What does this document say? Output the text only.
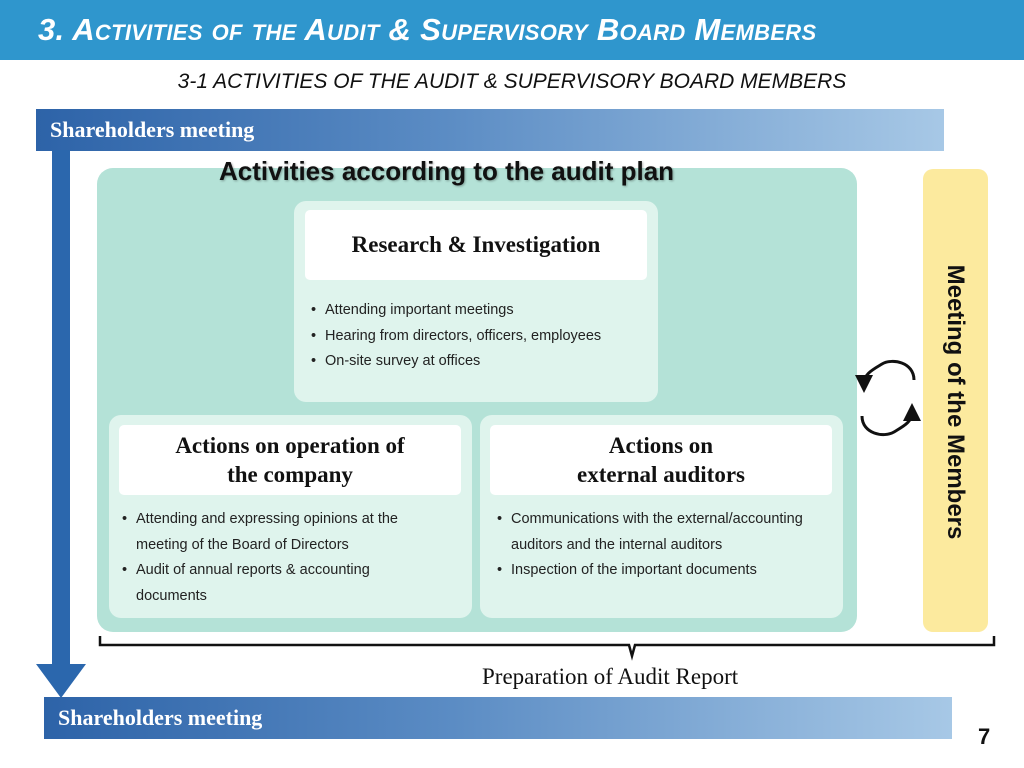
3. Activities of the Audit & Supervisory Board Members
3-1 ACTIVITIES OF THE AUDIT & SUPERVISORY BOARD MEMBERS
Shareholders meeting
Activities according to the audit plan
Research & Investigation
• Attending important meetings
• Hearing from directors, officers, employees
• On-site survey at offices
Actions on operation of
the company
• Attending and expressing opinions at the
meeting of the Board of Directors
• Audit of annual reports & accounting
documents
Actions on
external auditors
• Communications with the external/accounting
auditors and the internal auditors
• Inspection of the important documents
Meeting of the Members
Preparation of Audit Report
Shareholders meeting
7
